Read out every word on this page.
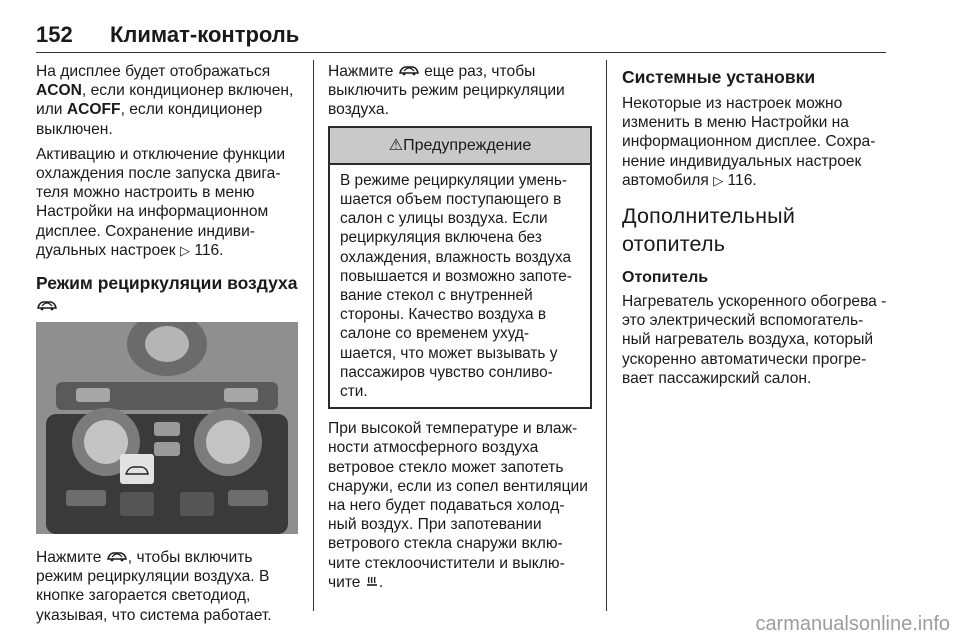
152 Климат-контроль

На дисплее будет отображаться ACON, если кондиционер включен, или ACOFF, если кондиционер выключен.

Активацию и отключение функции охлаждения после запуска двига-теля можно настроить в меню Настройки на информационном дисплее. Сохранение индиви-дуальных настроек ▷ 116.

Режим рециркуляции воздуха

Нажмите , чтобы включить режим рециркуляции воздуха. В кнопке загорается светодиод, указывая, что система работает.

Нажмите  еще раз, чтобы выключить режим рециркуляции воздуха.

⚠Предупреждение
В режиме рециркуляции умень-шается объем поступающего в салон с улицы воздуха. Если рециркуляция включена без охлаждения, влажность воздуха повышается и возможно запоте-вание стекол с внутренней стороны. Качество воздуха в салоне со временем ухуд-шается, что может вызывать у пассажиров чувство сонливо-сти.

При высокой температуре и влаж-ности атмосферного воздуха ветровое стекло может запотеть снаружи, если из сопел вентиляции на него будет подаваться холод-ный воздух. При запотевании ветрового стекла снаружи вклю-чите стеклоочистители и выклю-чите .

Системные установки

Некоторые из настроек можно изменить в меню Настройки на информационном дисплее. Сохра-нение индивидуальных настроек автомобиля ▷ 116.

Дополнительный отопитель
Отопитель

Нагреватель ускоренного обогрева - это электрический вспомогатель-ный нагреватель воздуха, который ускоренно автоматически прогре-вает пассажирский салон.

carmanualsonline.info
